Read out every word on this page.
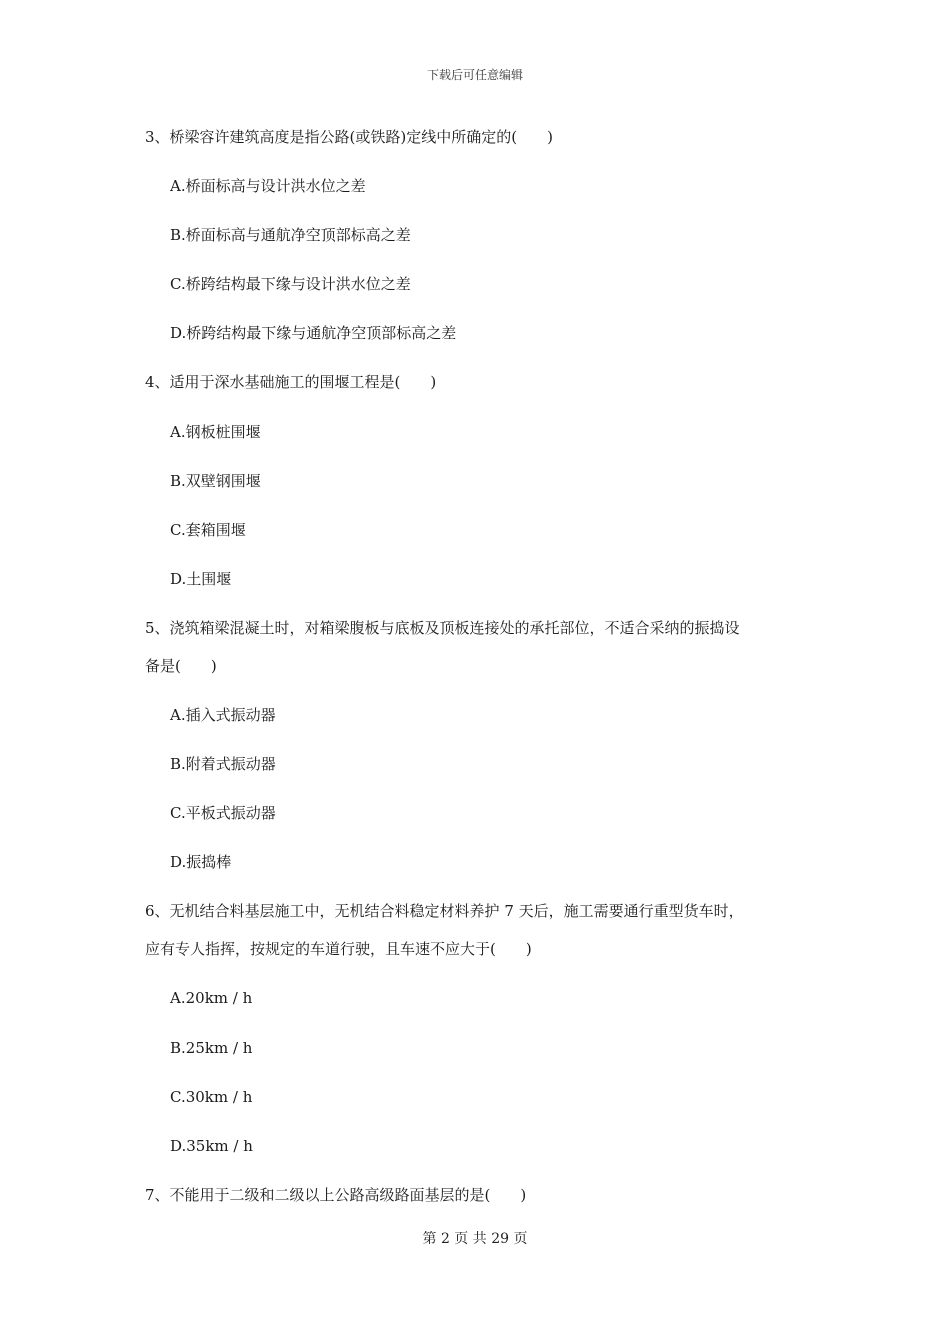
下载后可任意编辑
3、桥梁容许建筑高度是指公路(或铁路)定线中所确定的(　　)
A.桥面标高与设计洪水位之差
B.桥面标高与通航净空顶部标高之差
C.桥跨结构最下缘与设计洪水位之差
D.桥跨结构最下缘与通航净空顶部标高之差
4、适用于深水基础施工的围堰工程是(　　)
A.钢板桩围堰
B.双壁钢围堰
C.套箱围堰
D.土围堰
5、浇筑箱梁混凝土时，对箱梁腹板与底板及顶板连接处的承托部位，不适合采纳的振捣设
备是(　　)
A.插入式振动器
B.附着式振动器
C.平板式振动器
D.振捣棒
6、无机结合料基层施工中，无机结合料稳定材料养护 7 天后，施工需要通行重型货车时，
应有专人指挥，按规定的车道行驶，且车速不应大于(　　)
A.20km / h
B.25km / h
C.30km / h
D.35km / h
7、不能用于二级和二级以上公路高级路面基层的是(　　)
第 2 页 共 29 页
